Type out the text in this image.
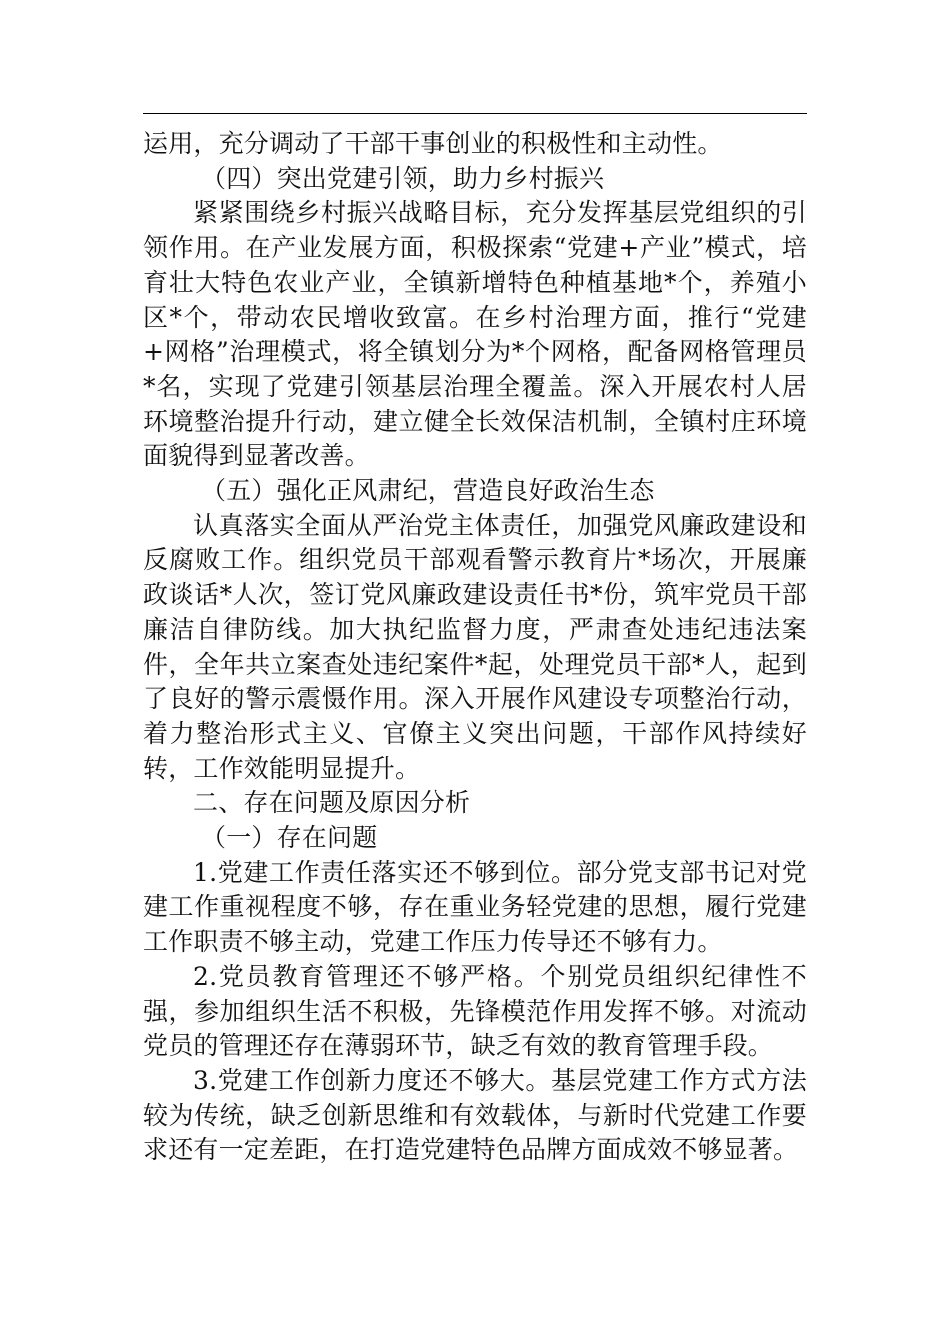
运用，充分调动了干部干事创业的积极性和主动性。

（四）突出党建引领，助力乡村振兴

紧紧围绕乡村振兴战略目标，充分发挥基层党组织的引领作用。在产业发展方面，积极探索“党建+产业”模式，培育壮大特色农业产业，全镇新增特色种植基地*个，养殖小区*个，带动农民增收致富。在乡村治理方面，推行“党建+网格”治理模式，将全镇划分为*个网格，配备网格管理员*名，实现了党建引领基层治理全覆盖。深入开展农村人居环境整治提升行动，建立健全长效保洁机制，全镇村庄环境面貌得到显著改善。

（五）强化正风肃纪，营造良好政治生态

认真落实全面从严治党主体责任，加强党风廉政建设和反腐败工作。组织党员干部观看警示教育片*场次，开展廉政谈话*人次，签订党风廉政建设责任书*份，筑牢党员干部廉洁自律防线。加大执纪监督力度，严肃查处违纪违法案件，全年共立案查处违纪案件*起，处理党员干部*人，起到了良好的警示震慑作用。深入开展作风建设专项整治行动，着力整治形式主义、官僚主义突出问题，干部作风持续好转，工作效能明显提升。

二、存在问题及原因分析

（一）存在问题

1.党建工作责任落实还不够到位。部分党支部书记对党建工作重视程度不够，存在重业务轻党建的思想，履行党建工作职责不够主动，党建工作压力传导还不够有力。

2.党员教育管理还不够严格。个别党员组织纪律性不强，参加组织生活不积极，先锋模范作用发挥不够。对流动党员的管理还存在薄弱环节，缺乏有效的教育管理手段。

3.党建工作创新力度还不够大。基层党建工作方式方法较为传统，缺乏创新思维和有效载体，与新时代党建工作要求还有一定差距，在打造党建特色品牌方面成效不够显著。
